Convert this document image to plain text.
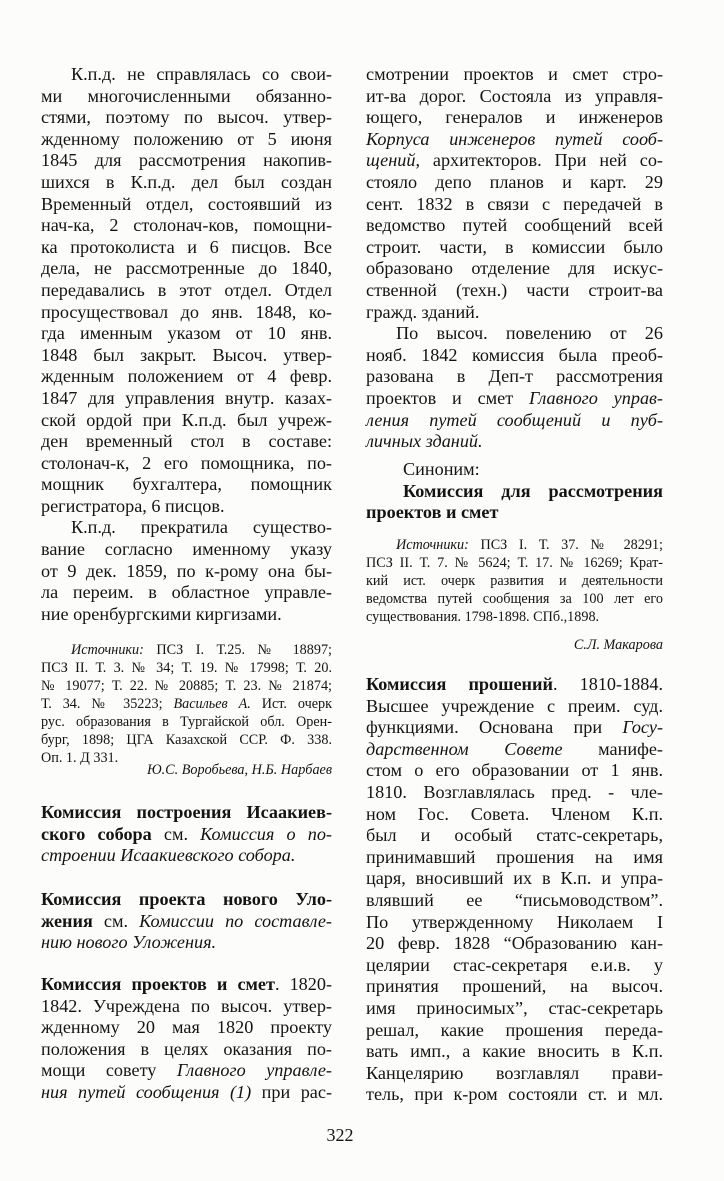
К.п.д. не справлялась со свои-
ми многочисленными обязанно-
стями, поэтому по высоч. утвер-
жденному положению от 5 июня
1845 для рассмотрения накопив-
шихся в К.п.д. дел был создан
Временный отдел, состоявший из
нач-ка, 2 столонач-ков, помощни-
ка протоколиста и 6 писцов. Все
дела, не рассмотренные до 1840,
передавались в этот отдел. Отдел
просуществовал до янв. 1848, ко-
гда именным указом от 10 янв.
1848 был закрыт. Высоч. утвер-
жденным положением от 4 февр.
1847 для управления внутр. казах-
ской ордой при К.п.д. был учреж-
ден временный стол в составе:
столонач-к, 2 его помощника, по-
мощник бухгалтера, помощник
регистратора, 6 писцов.
К.п.д. прекратила существо-
вание согласно именному указу
от 9 дек. 1859, по к-рому она бы-
ла переим. в областное управле-
ние оренбургскими киргизами.
Источники: ПСЗ I. Т.25. № 18897;
ПСЗ II. Т. 3. № 34; Т. 19. № 17998; Т. 20.
№ 19077; Т. 22. № 20885; Т. 23. № 21874;
Т. 34. № 35223; Васильев А. Ист. очерк
рус. образования в Тургайской обл. Орен-
бург, 1898; ЦГА Казахской ССР. Ф. 338.
Оп. 1. Д 331.
Ю.С. Воробьева, Н.Б. Нарбаев
Комиссия построения Исаакиев-
ского собора см. Комиссия о по-
строении Исаакиевского собора.
Комиссия проекта нового Уло-
жения см. Комиссии по составле-
нию нового Уложения.
Комиссия проектов и смет. 1820-
1842. Учреждена по высоч. утвер-
жденному 20 мая 1820 проекту
положения в целях оказания по-
мощи совету Главного управле-
ния путей сообщения (1) при рас-
смотрении проектов и смет стро-
ит-ва дорог. Состояла из управля-
ющего, генералов и инженеров
Корпуса инженеров путей сооб-
щений, архитекторов. При ней со-
стояло депо планов и карт. 29
сент. 1832 в связи с передачей в
ведомство путей сообщений всей
строит. части, в комиссии было
образовано отделение для искус-
ственной (техн.) части строит-ва
гражд. зданий.
По высоч. повелению от 26
нояб. 1842 комиссия была преоб-
разована в Деп-т рассмотрения
проектов и смет Главного управ-
ления путей сообщений и пуб-
личных зданий.
Синоним:
Комиссия для рассмотрения
проектов и смет
Источники: ПСЗ I. Т. 37. № 28291;
ПСЗ II. Т. 7. № 5624; Т. 17. № 16269; Крат-
кий ист. очерк развития и деятельности
ведомства путей сообщения за 100 лет его
существования. 1798-1898. СПб.,1898.
С.Л. Макарова
Комиссия прошений. 1810-1884.
Высшее учреждение с преим. суд.
функциями. Основана при Госу-
дарственном Совете манифе-
стом о его образовании от 1 янв.
1810. Возглавлялась пред. - чле-
ном Гос. Совета. Членом К.п.
был и особый статс-секретарь,
принимавший прошения на имя
царя, вносивший их в К.п. и упра-
влявший ее “письмоводством”.
По утвержденному Николаем I
20 февр. 1828 “Образованию кан-
целярии стас-секретаря е.и.в. у
принятия прошений, на высоч.
имя приносимых”, стас-секретарь
решал, какие прошения переда-
вать имп., а какие вносить в К.п.
Канцелярию возглавлял прави-
тель, при к-ром состояли ст. и мл.
322
